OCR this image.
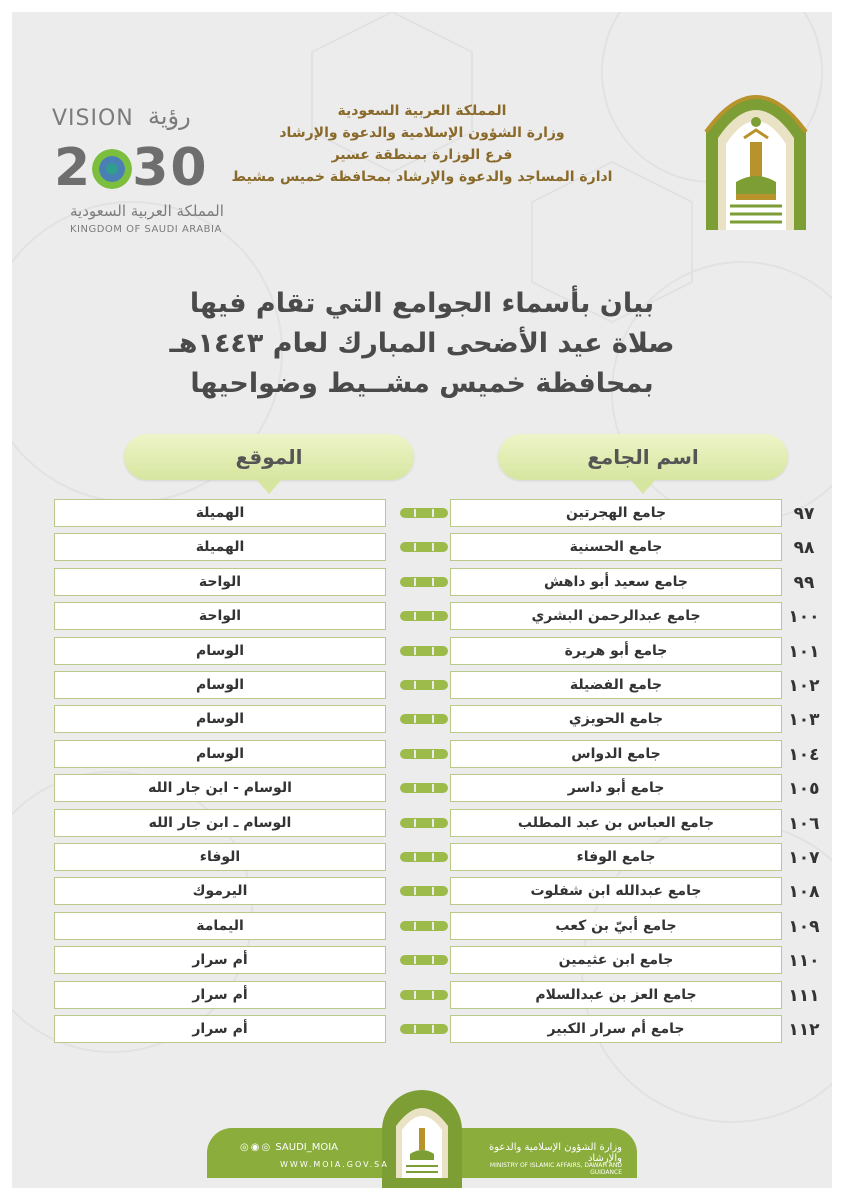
المملكة العربية السعودية
وزارة الشؤون الإسلامية والدعوة والإرشاد
فرع الوزارة بمنطقة عسير
ادارة المساجد والدعوة والإرشاد بمحافظة خميس مشيط
VISION رؤية
2 30
المملكة العربية السعودية
KINGDOM OF SAUDI ARABIA
بيان بأسماء الجوامع التي تقام فيها
صلاة عيد الأضحى المبارك لعام ١٤٤٣هـ
بمحافظة خميس مشــيط وضواحيها
اسم الجامع
الموقع
الهميلة	جامع الهجرتين	٩٧
الهميلة	جامع الحسنية	٩٨
الواحة	جامع سعيد أبو داهش	٩٩
الواحة	جامع عبدالرحمن البشري	١٠٠
الوسام	جامع أبو هريرة	١٠١
الوسام	جامع الفضيلة	١٠٢
الوسام	جامع الحويزي	١٠٣
الوسام	جامع الدواس	١٠٤
الوسام - ابن جار الله	جامع أبو داسر	١٠٥
الوسام ـ ابن جار الله	جامع العباس بن عبد المطلب	١٠٦
الوفاء	جامع الوفاء	١٠٧
اليرموك	جامع عبدالله ابن شفلوت	١٠٨
اليمامة	جامع أبيّ بن كعب	١٠٩
أم سرار	جامع ابن عثيمين	١١٠
أم سرار	جامع العز بن عبدالسلام	١١١
أم سرار	جامع أم سرار الكبير	١١٢
◎◉◎ SAUDI_MOIA
WWW.MOIA.GOV.SA
وزارة الشؤون الإسلامية والدعوة والإرشاد
MINISTRY OF ISLAMIC AFFAIRS, DAWAH AND GUIDANCE
